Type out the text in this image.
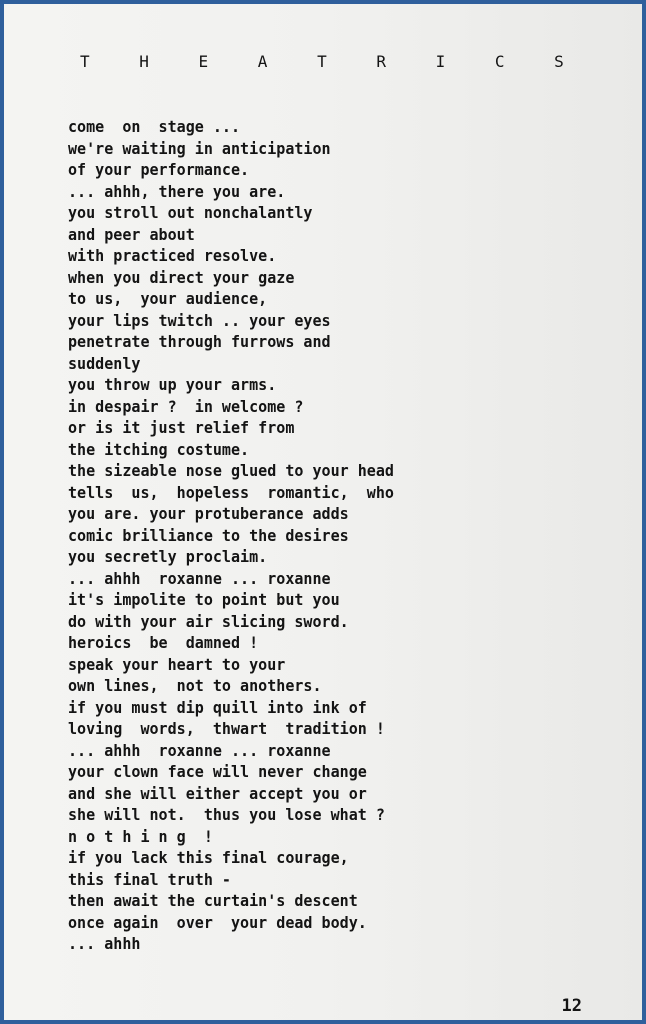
T H E A T R I C S
come  on  stage ...
we're waiting in anticipation
of your performance.
... ahhh, there you are.
you stroll out nonchalantly
and peer about
with practiced resolve.
when you direct your gaze
to us,  your audience,
your lips twitch .. your eyes
penetrate through furrows and
suddenly
you throw up your arms.
in despair ?  in welcome ?
or is it just relief from
the itching costume.
the sizeable nose glued to your head
tells  us,  hopeless  romantic,  who
you are. your protuberance adds
comic brilliance to the desires
you secretly proclaim.
... ahhh  roxanne ... roxanne
it's impolite to point but you
do with your air slicing sword.
heroics  be  damned !
speak your heart to your
own lines,  not to anothers.
if you must dip quill into ink of
loving  words,  thwart  tradition !
... ahhh  roxanne ... roxanne
your clown face will never change
and she will either accept you or
she will not.  thus you lose what ?
n o t h i n g  !
if you lack this final courage,
this final truth -
then await the curtain's descent
once again  over  your dead body.
... ahhh
12
